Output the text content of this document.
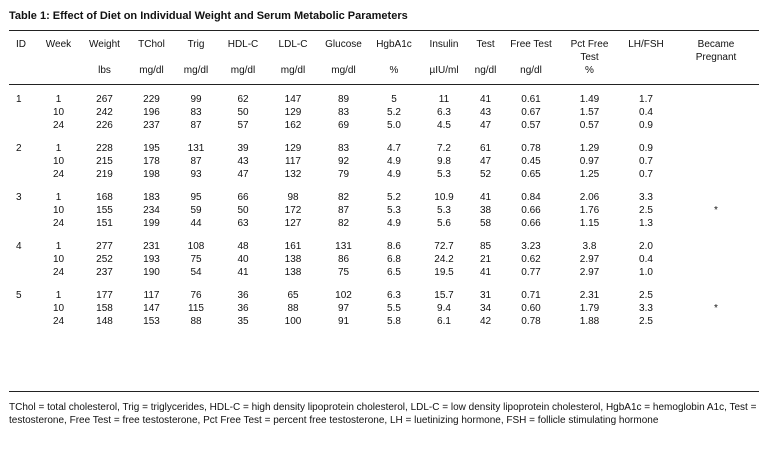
Table 1: Effect of Diet on Individual Weight and Serum Metabolic Parameters
ID	Week	Weight	TChol	Trig	HDL-C	LDL-C	Glucose	HgbA1c	Insulin	Test	Free Test	Pct Free Test	LH/FSH	Became Pregnant
		lbs	mg/dl	mg/dl	mg/dl	mg/dl	mg/dl	%	µIU/ml	ng/dl	ng/dl	%		

1	1	267	229	99	62	147	89	5	11	41	0.61	1.49	1.7	
	10	242	196	83	50	129	83	5.2	6.3	43	0.67	1.57	0.4	
	24	226	237	87	57	162	69	5.0	4.5	47	0.57	0.57	0.9	

2	1	228	195	131	39	129	83	4.7	7.2	61	0.78	1.29	0.9	
	10	215	178	87	43	117	92	4.9	9.8	47	0.45	0.97	0.7	
	24	219	198	93	47	132	79	4.9	5.3	52	0.65	1.25	0.7	

3	1	168	183	95	66	98	82	5.2	10.9	41	0.84	2.06	3.3	
	10	155	234	59	50	172	87	5.3	5.3	38	0.66	1.76	2.5	*
	24	151	199	44	63	127	82	4.9	5.6	58	0.66	1.15	1.3	

4	1	277	231	108	48	161	131	8.6	72.7	85	3.23	3.8	2.0	
	10	252	193	75	40	138	86	6.8	24.2	21	0.62	2.97	0.4	
	24	237	190	54	41	138	75	6.5	19.5	41	0.77	2.97	1.0	

5	1	177	117	76	36	65	102	6.3	15.7	31	0.71	2.31	2.5	
	10	158	147	115	36	88	97	5.5	9.4	34	0.60	1.79	3.3	*
	24	148	153	88	35	100	91	5.8	6.1	42	0.78	1.88	2.5	
TChol = total cholesterol, Trig = triglycerides, HDL-C = high density lipoprotein cholesterol, LDL-C = low density lipoprotein cholesterol, HgbA1c = hemoglobin A1c, Test = testosterone, Free Test = free testosterone, Pct Free Test = percent free testosterone, LH = luetinizing hormone, FSH = follicle stimulating hormone
